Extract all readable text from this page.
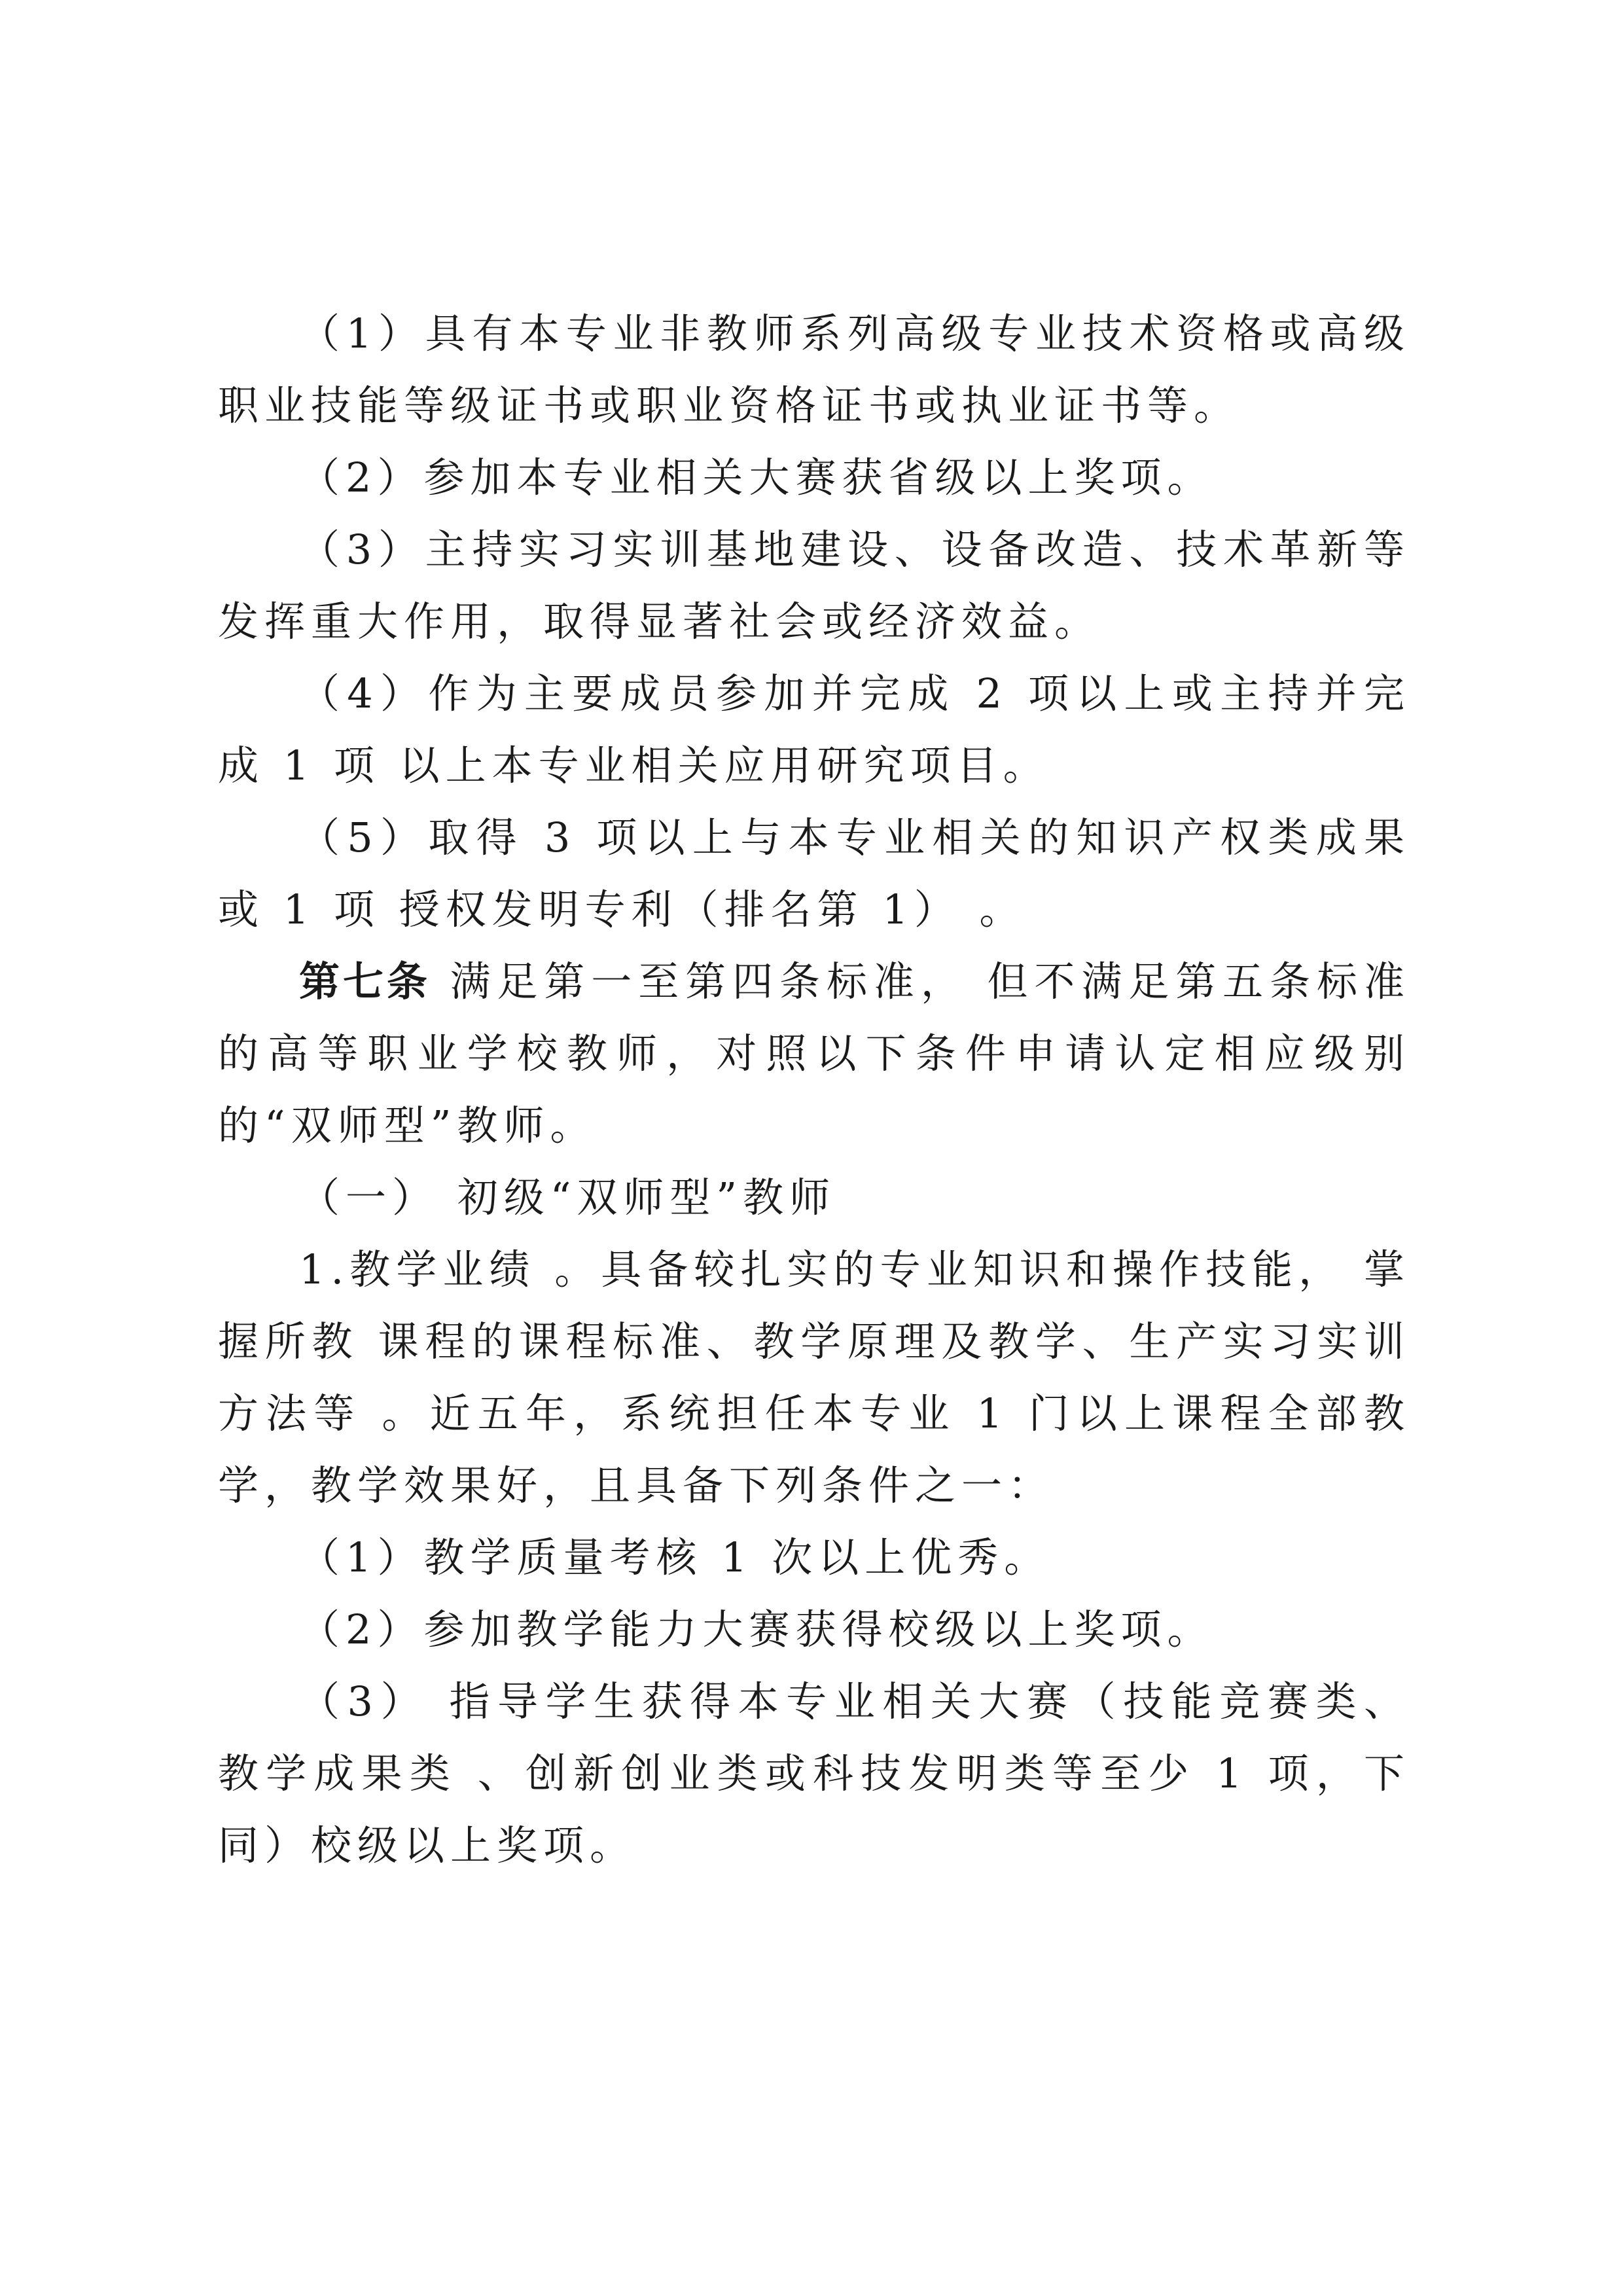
（1）具有本专业非教师系列高级专业技术资格或高级职业技能等级证书或职业资格证书或执业证书等。

（2）参加本专业相关大赛获省级以上奖项。

（3）主持实习实训基地建设、设备改造、技术革新等发挥重大作用，取得显著社会或经济效益。

（4）作为主要成员参加并完成 2 项以上或主持并完成 1 项 以上本专业相关应用研究项目。

（5）取得 3 项以上与本专业相关的知识产权类成果或 1 项 授权发明专利（排名第 1） 。

第七条 满足第一至第四条标准， 但不满足第五条标准的高等职业学校教师，对照以下条件申请认定相应级别的“双师型”教师。

（一） 初级“双师型”教师

1.教学业绩 。具备较扎实的专业知识和操作技能， 掌握所教 课程的课程标准、教学原理及教学、生产实习实训方法等 。近五年，系统担任本专业 1 门以上课程全部教学，教学效果好，且具备下列条件之一：

（1）教学质量考核 1 次以上优秀。

（2）参加教学能力大赛获得校级以上奖项。

（3） 指导学生获得本专业相关大赛（技能竞赛类、教学成果类 、创新创业类或科技发明类等至少 1 项，下同）校级以上奖项。
